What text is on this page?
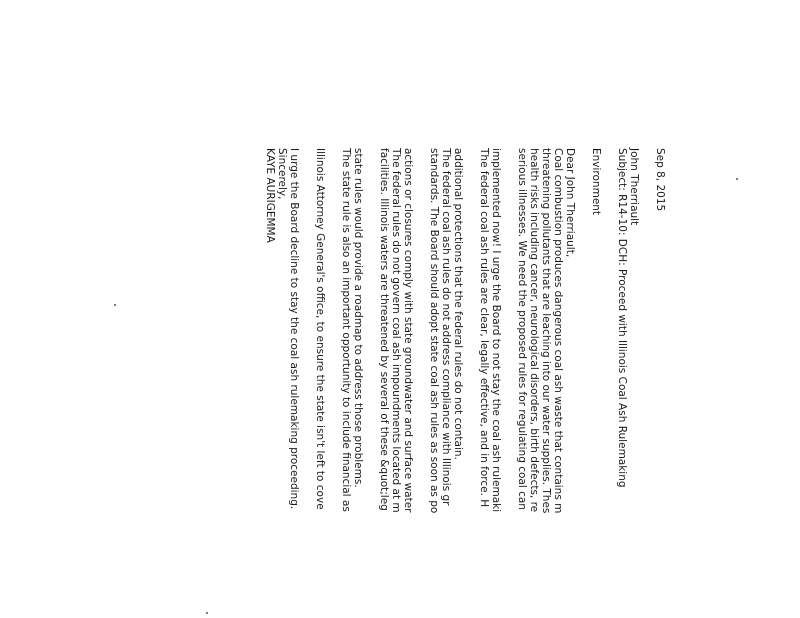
Sep 8, 2015
John Therriault
Subject: R14-10: DCH: Proceed with Illinois Coal Ash Rulemaking
Environment
Dear John Therriault,
Coal combustion produces dangerous coal ash waste that contains m
threatening pollutants that are leaching into our water supplies. Thes
health risks including cancer, neurological disorders, birth defects, re
serious illnesses. We need the proposed rules for regulating coal can
implemented now! I urge the Board to not stay the coal ash rulemaki
The federal coal ash rules are clear, legally effective, and in force. H
additional protections that the federal rules do not contain.
The federal coal ash rules do not address compliance with Illinois gr
standards. The Board should adopt state coal ash rules as soon as po
actions or closures comply with state groundwater and surface water
The federal rules do not govern coal ash impoundments located at m
facilities. Illinois waters are threatened by several of these &quot;leg
state rules would provide a roadmap to address those problems.
The state rule is also an important opportunity to include financial as
Illinois Attorney General's office, to ensure the state isn't left to cove
I urge the Board decline to stay the coal ash rulemaking proceeding.
Sincerely,
KAYE AURIGEMMA
